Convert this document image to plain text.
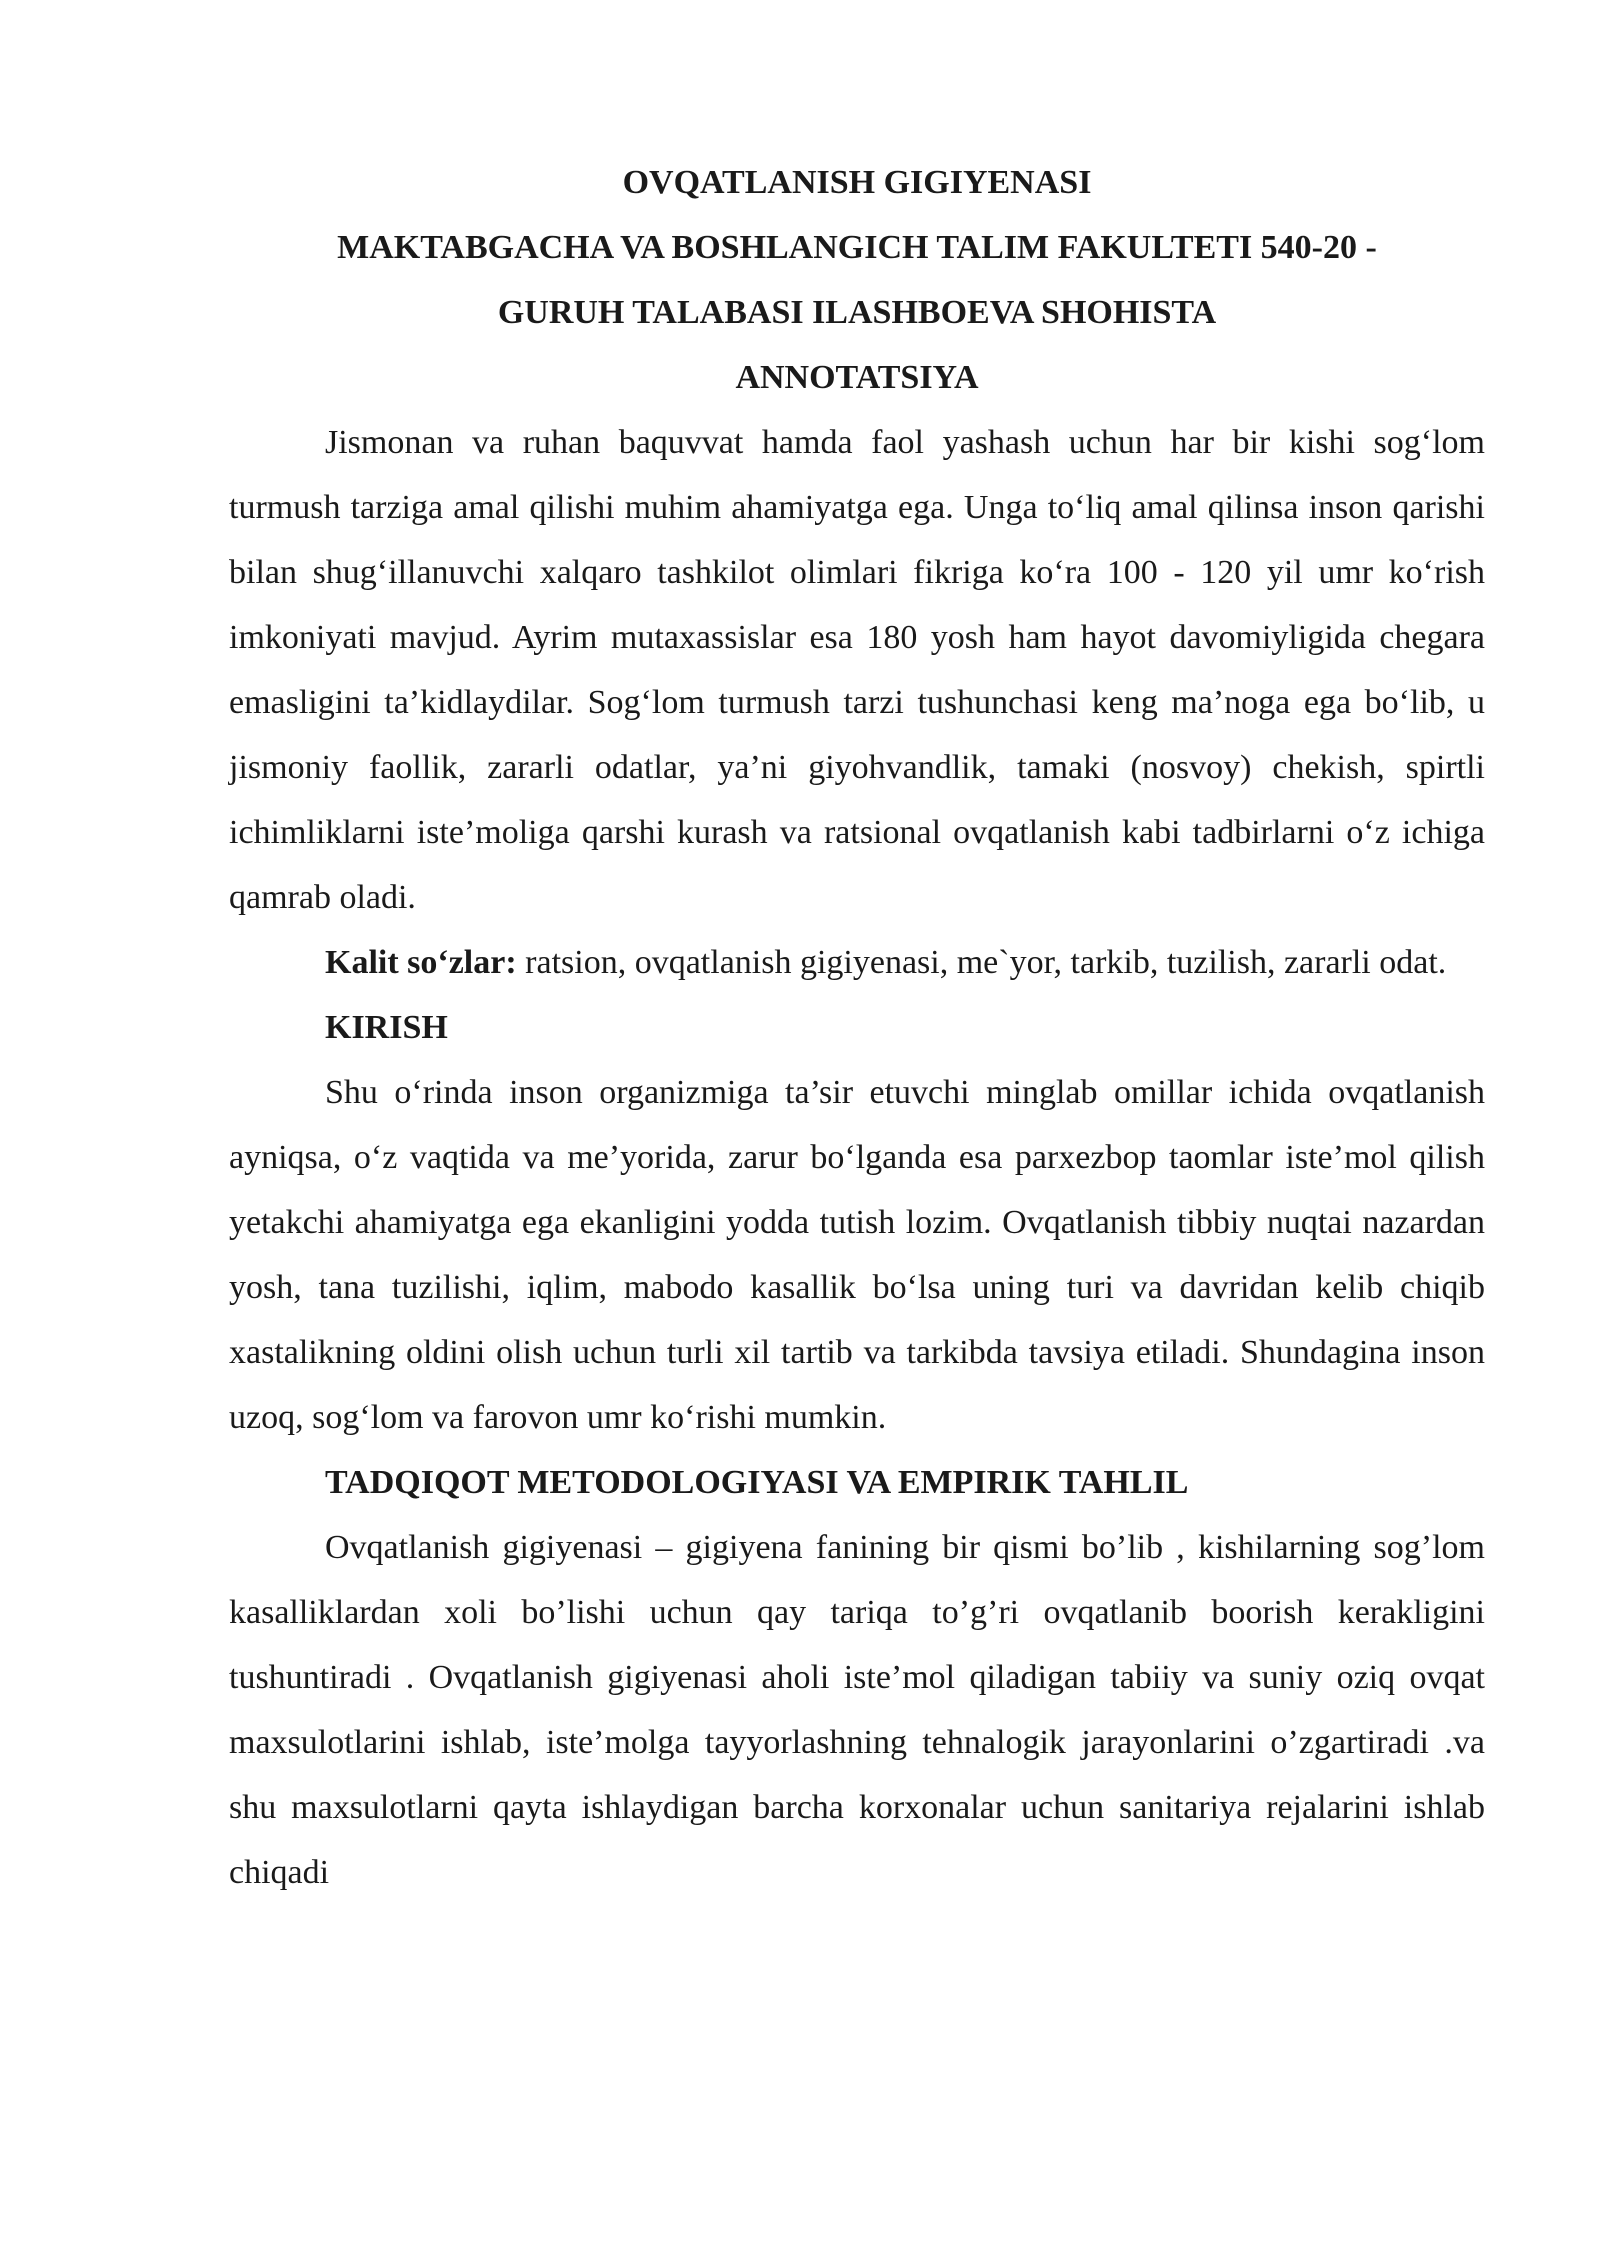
OVQATLANISH GIGIYENASI

MAKTABGACHA VA BOSHLANGICH TALIM FAKULTETI 540-20 -

GURUH TALABASI ILASHBOEVA SHOHISTA

ANNOTATSIYA

Jismonan va ruhan baquvvat hamda faol yashash uchun har bir kishi sog‘lom turmush tarziga amal qilishi muhim ahamiyatga ega. Unga to‘liq amal qilinsa inson qarishi bilan shug‘illanuvchi xalqaro tashkilot olimlari fikriga ko‘ra 100 - 120 yil umr ko‘rish imkoniyati mavjud. Ayrim mutaxassislar esa 180 yosh ham hayot davomiyligida chegara emasligini ta’kidlaydilar. Sog‘lom turmush tarzi tushunchasi keng ma’noga ega bo‘lib, u jismoniy faollik, zararli odatlar, ya’ni giyohvandlik, tamaki (nosvoy) chekish, spirtli ichimliklarni iste’moliga qarshi kurash va ratsional ovqatlanish kabi tadbirlarni o‘z ichiga qamrab oladi.

Kalit so‘zlar: ratsion, ovqatlanish gigiyenasi, me`yor, tarkib, tuzilish, zararli odat.

KIRISH

Shu o‘rinda inson organizmiga ta’sir etuvchi minglab omillar ichida ovqatlanish ayniqsa, o‘z vaqtida va me’yorida, zarur bo‘lganda esa parxezbop taomlar iste’mol qilish yetakchi ahamiyatga ega ekanligini yodda tutish lozim. Ovqatlanish tibbiy nuqtai nazardan yosh, tana tuzilishi, iqlim, mabodo kasallik bo‘lsa uning turi va davridan kelib chiqib xastalikning oldini olish uchun turli xil tartib va tarkibda tavsiya etiladi. Shundagina inson uzoq, sog‘lom va farovon umr ko‘rishi mumkin.

TADQIQOT METODOLOGIYASI VA EMPIRIK TAHLIL

Ovqatlanish gigiyenasi – gigiyena fanining bir qismi bo’lib , kishilarning sog’lom kasalliklardan xoli bo’lishi uchun qay tariqa to’g’ri ovqatlanib boorish kerakligini tushuntiradi . Ovqatlanish gigiyenasi aholi iste’mol qiladigan tabiiy va suniy oziq ovqat maxsulotlarini ishlab, iste’molga tayyorlashning tehnalogik jarayonlarini o’zgartiradi .va shu maxsulotlarni qayta ishlaydigan barcha korxonalar uchun sanitariya rejalarini ishlab chiqadi
